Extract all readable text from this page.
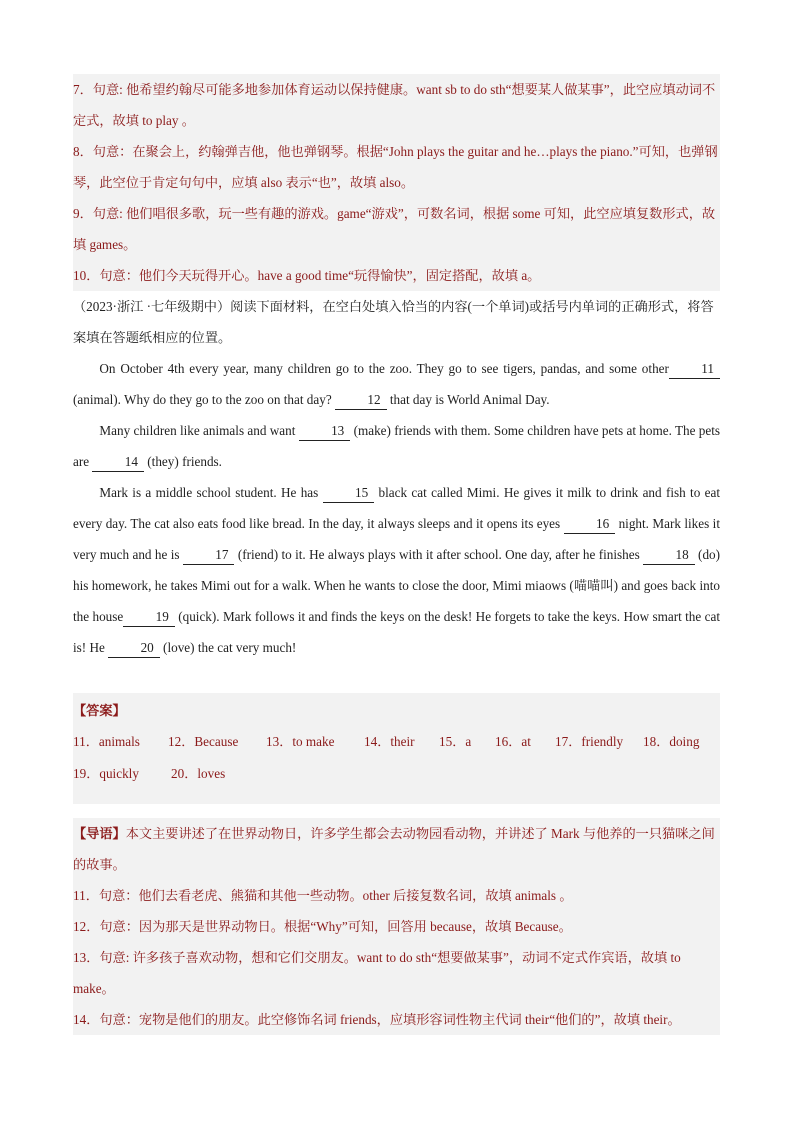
7．句意: 他希望约翰尽可能多地参加体育运动以保持健康。want sb to do sth“想要某人做某事”，此空应填动词不定式，故填 to play 。

8．句意：在聚会上，约翰弹吉他，他也弹钢琴。根据“John plays the guitar and he…plays the piano.”可知，也弹钢琴，此空位于肯定句句中，应填 also 表示“也”，故填 also。

9．句意: 他们唱很多歌，玩一些有趣的游戏。game“游戏”，可数名词，根据 some 可知，此空应填复数形式，故填 games。

10．句意：他们今天玩得开心。have a good time“玩得愉快”，固定搭配，故填 a。

（2023·浙江 ·七年级期中）阅读下面材料，在空白处填入恰当的内容(一个单词)或括号内单词的正确形式，将答案填在答题纸相应的位置。

On October 4th every year, many children go to the zoo. They go to see tigers, pandas, and some other 11 (animal). Why do they go to the zoo on that day?	12 that day is World Animal Day.

Many children like animals and want	13 (make) friends with them. Some children have pets at home. The pets are	14 (they) friends.

Mark is a middle school student. He has	15 black cat called Mimi. He gives it milk to drink and fish to eat every day. The cat also eats food like bread. In the day, it always sleeps and it opens its eyes	16 night. Mark likes it very much and he is	17 (friend) to it. He always plays with it after school. One day, after he finishes	18 (do) his homework, he takes Mimi out for a walk. When he wants to close the door, Mimi miaows (喵喵叫) and goes back into the house 19 (quick). Mark follows it and finds the keys on the desk! He forgets to take the keys. How smart the cat is! He	20 (love) the cat very much!

【答案】
11．animals	12．Because	13．to make	14．their	15．a	16．at	17．friendly	18．doing
19．quickly	20．loves

【导语】本文主要讲述了在世界动物日，许多学生都会去动物园看动物，并讲述了 Mark 与他养的一只猫咪之间的故事。

11．句意：他们去看老虎、熊猫和其他一些动物。other 后接复数名词，故填 animals 。

12．句意：因为那天是世界动物日。根据“Why”可知，回答用 because，故填 Because。

13．句意: 许多孩子喜欢动物，想和它们交朋友。want to do sth“想要做某事”，动词不定式作宾语，故填 to make。

14．句意：宠物是他们的朋友。此空修饰名词 friends，应填形容词性物主代词 their“他们的”，故填 their。
